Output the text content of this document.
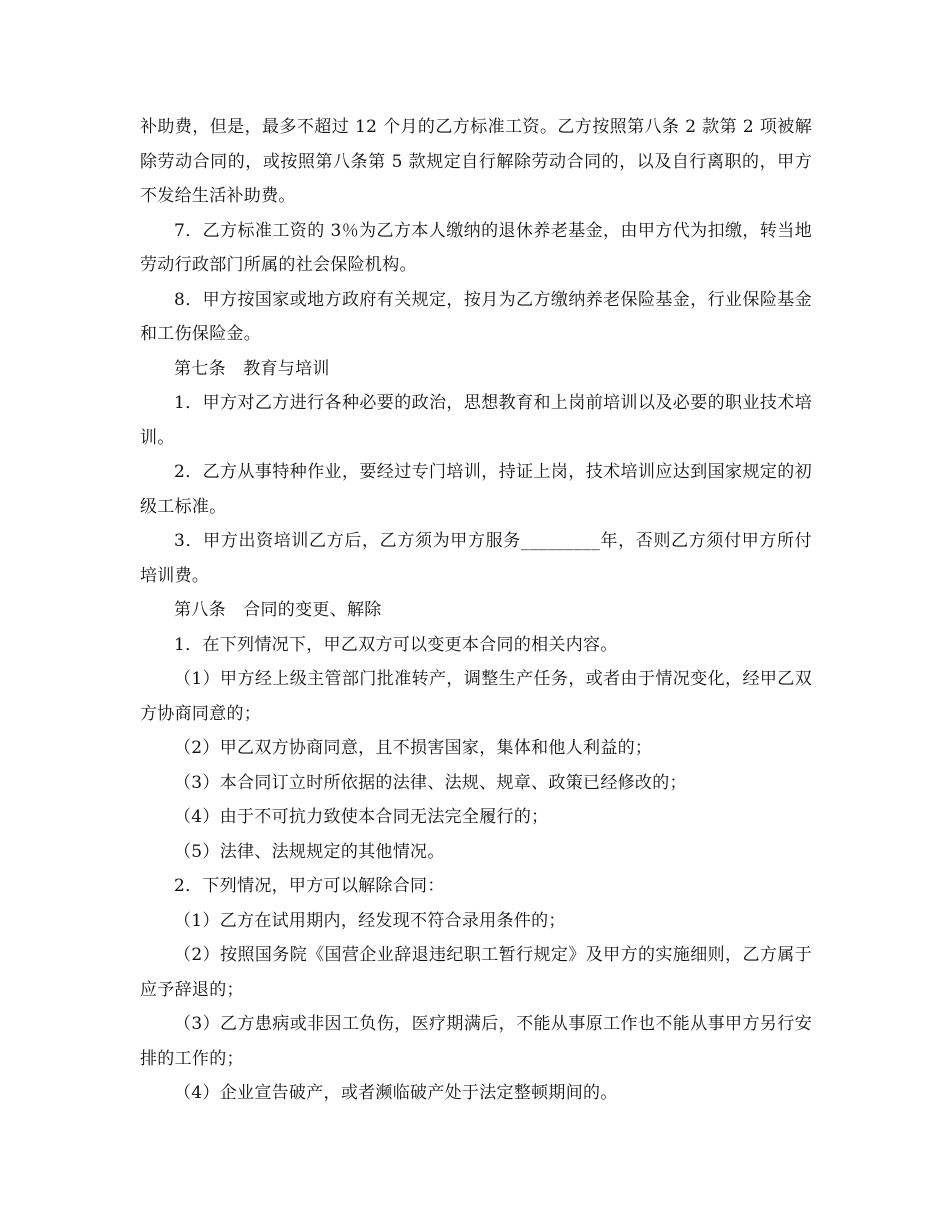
补助费，但是，最多不超过 12 个月的乙方标准工资。乙方按照第八条 2 款第 2 项被解除劳动合同的，或按照第八条第 5 款规定自行解除劳动合同的，以及自行离职的，甲方不发给生活补助费。

7．乙方标准工资的 3％为乙方本人缴纳的退休养老基金，由甲方代为扣缴，转当地劳动行政部门所属的社会保险机构。

8．甲方按国家或地方政府有关规定，按月为乙方缴纳养老保险基金，行业保险基金和工伤保险金。

第七条　教育与培训

1．甲方对乙方进行各种必要的政治，思想教育和上岗前培训以及必要的职业技术培训。

2．乙方从事特种作业，要经过专门培训，持证上岗，技术培训应达到国家规定的初级工标准。

3．甲方出资培训乙方后，乙方须为甲方服务_________年，否则乙方须付甲方所付培训费。

第八条　合同的变更、解除

1．在下列情况下，甲乙双方可以变更本合同的相关内容。

（1）甲方经上级主管部门批准转产，调整生产任务，或者由于情况变化，经甲乙双方协商同意的；

（2）甲乙双方协商同意，且不损害国家，集体和他人利益的；

（3）本合同订立时所依据的法律、法规、规章、政策已经修改的；

（4）由于不可抗力致使本合同无法完全履行的；

（5）法律、法规规定的其他情况。

2．下列情况，甲方可以解除合同：

（1）乙方在试用期内，经发现不符合录用条件的；

（2）按照国务院《国营企业辞退违纪职工暂行规定》及甲方的实施细则，乙方属于应予辞退的；

（3）乙方患病或非因工负伤，医疗期满后，不能从事原工作也不能从事甲方另行安排的工作的；

（4）企业宣告破产，或者濒临破产处于法定整顿期间的。
